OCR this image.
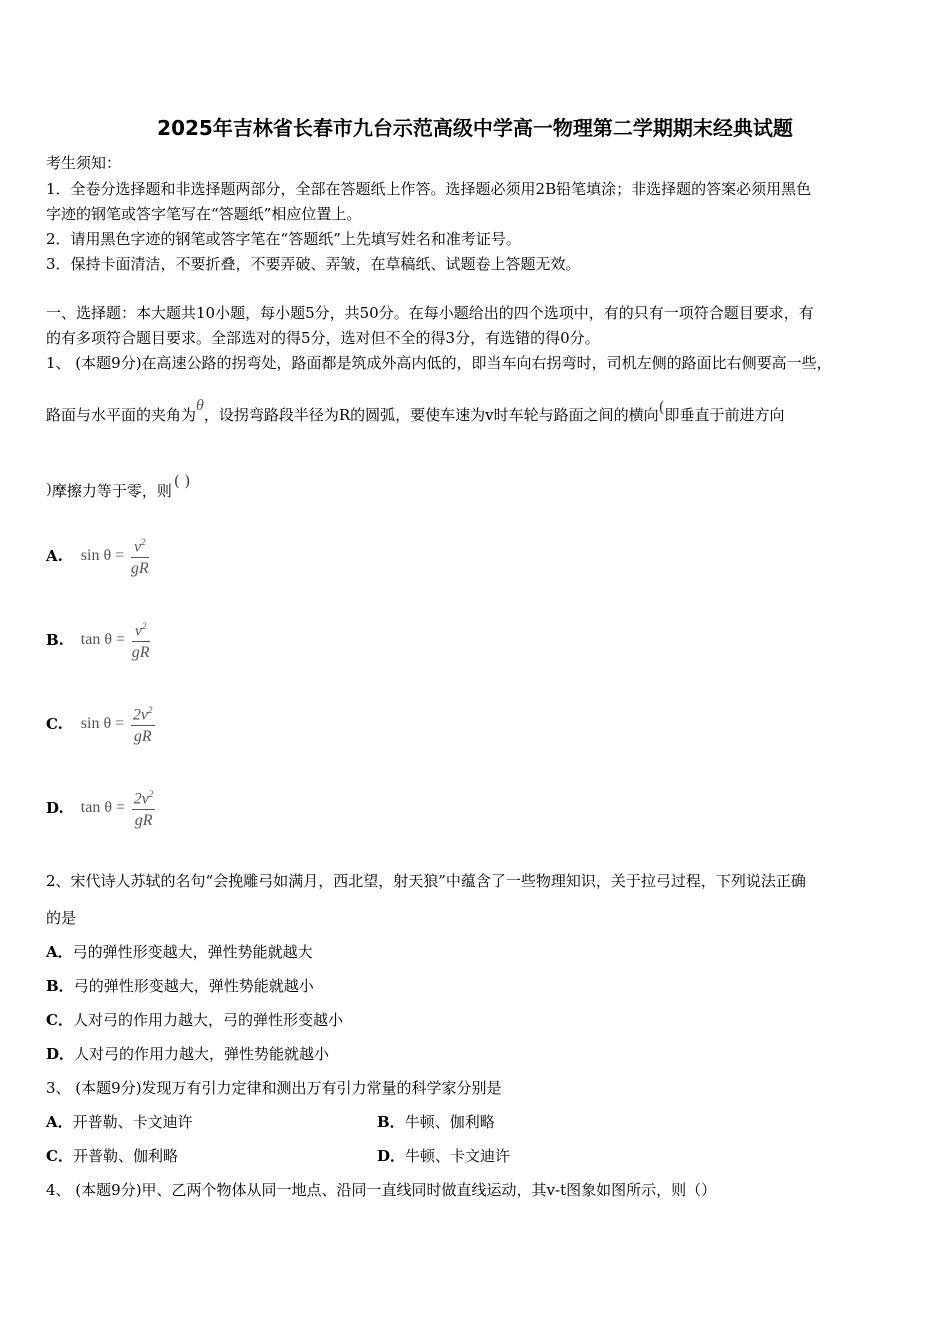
2025年吉林省长春市九台示范高级中学高一物理第二学期期末经典试题
考生须知：
1．全卷分选择题和非选择题两部分，全部在答题纸上作答。选择题必须用2B铅笔填涂；非选择题的答案必须用黑色
字迹的钢笔或答字笔写在“答题纸”相应位置上。
2．请用黑色字迹的钢笔或答字笔在“答题纸”上先填写姓名和准考证号。
3．保持卡面清洁，不要折叠，不要弄破、弄皱，在草稿纸、试题卷上答题无效。
一、选择题：本大题共10小题，每小题5分，共50分。在每小题给出的四个选项中，有的只有一项符合题目要求，有
的有多项符合题目要求。全部选对的得5分，选对但不全的得3分，有选错的得0分。
1、 (本题9分)在高速公路的拐弯处，路面都是筑成外高内低的，即当车向右拐弯时，司机左侧的路面比右侧要高一些，
路面与水平面的夹角为θ，设拐弯路段半径为R的圆弧，要使车速为v时车轮与路面之间的横向(即垂直于前进方向
)摩擦力等于零，则( )
A. $\sin \theta = \frac{v^2}{gR}$
B. $\tan \theta = \frac{v^2}{gR}$
C. $\sin \theta = \frac{2v^2}{gR}$
D. $\tan \theta = \frac{2v^2}{gR}$
2、宋代诗人苏轼的名句“会挽雕弓如满月，西北望，射天狼”中蕴含了一些物理知识，关于拉弓过程，下列说法正确
的是
A．弓的弹性形变越大，弹性势能就越大
B．弓的弹性形变越大，弹性势能就越小
C．人对弓的作用力越大，弓的弹性形变越小
D．人对弓的作用力越大，弹性势能就越小
3、 (本题9分)发现万有引力定律和测出万有引力常量的科学家分别是
A．开普勒、卡文迪许	B．牛顿、伽利略
C．开普勒、伽利略	D．牛顿、卡文迪许
4、 (本题9分)甲、乙两个物体从同一地点、沿同一直线同时做直线运动，其v-t图象如图所示，则（）
